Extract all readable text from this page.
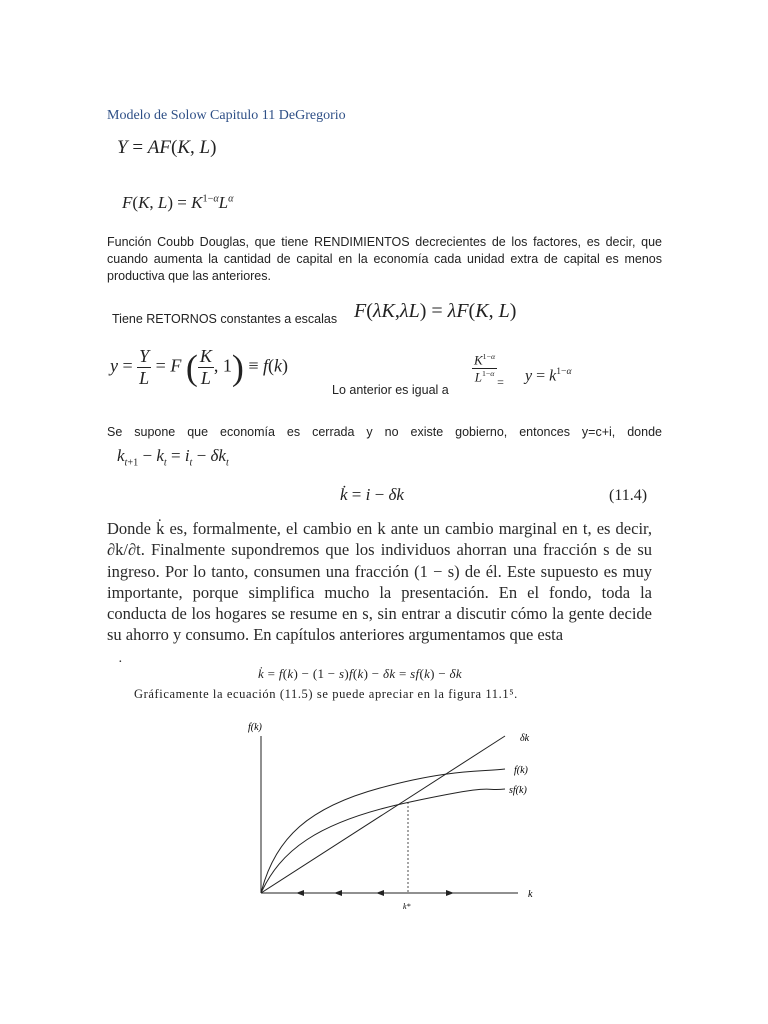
Modelo de Solow Capitulo 11 DeGregorio
Y = AF(K, L)
F(K, $L) = K^{1-\alpha}L^\alpha$
Función Coubb Douglas, que tiene RENDIMIENTOS decrecientes de los factores, es decir, que cuando aumenta la cantidad de capital en la economía cada unidad extra de capital es menos productiva que las anteriores.
Tiene RETORNOS constantes a escalas F(λK,λL) = λF(K, L)
$y = \frac{Y}{L} = F$ ( $\frac{K}{L}$ , 1) ≡ f(k)
Lo anterior es igual a
$\frac{K^{1-\alpha}}{L^{1-\alpha}} = y = k^{1-\alpha}$
Se supone que economía es cerrada y no existe gobierno, entonces y=c+i, donde
$k_{t+1} - k_t = i_t - \delta k_t$
k̇ = i − δk	(11.4)
Donde k̇ es, formalmente, el cambio en k ante un cambio marginal en t, es decir, ∂k/∂t. Finalmente supondremos que los individuos ahorran una fracción s de su ingreso. Por lo tanto, consumen una fracción (1 − s) de él. Este supuesto es muy importante, porque simplifica mucho la presentación. En el fondo, toda la conducta de los hogares se resume en s, sin entrar a discutir cómo la gente decide su ahorro y consumo. En capítulos anteriores argumentamos que esta
·
k̇ = f(k) − (1 − s)f(k) − δk = sf(k) − δk
Gráficamente la ecuación (11.5) se puede apreciar en la figura 11.1⁵.
f(k)
k
δk
f(k)
sf(k)
k*
